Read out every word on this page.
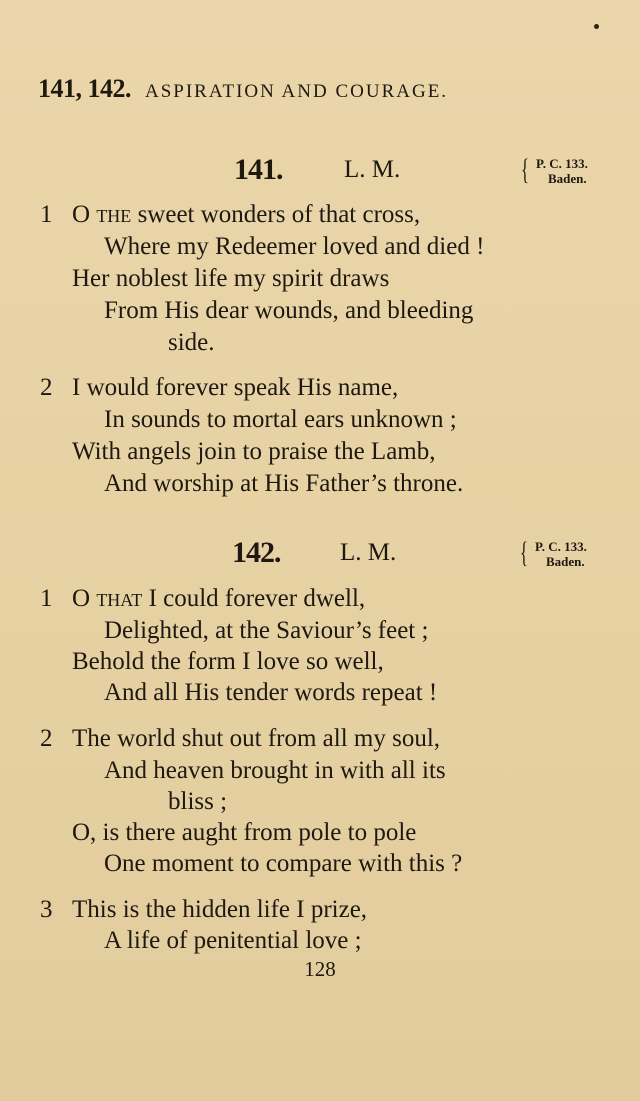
141, 142. ASPIRATION AND COURAGE.
141. L. M.	{ P. C. 133.
Baden.
1 O the sweet wonders of that cross,
Where my Redeemer loved and died !
Her noblest life my spirit draws
From His dear wounds, and bleeding
side.
2 I would forever speak His name,
In sounds to mortal ears unknown ;
With angels join to praise the Lamb,
And worship at His Father’s throne.
142. L. M.	{ P. C. 133.
Baden.
1 O that I could forever dwell,
Delighted, at the Saviour’s feet ;
Behold the form I love so well,
And all His tender words repeat !
2 The world shut out from all my soul,
And heaven brought in with all its
bliss ;
O, is there aught from pole to pole
One moment to compare with this ?
3 This is the hidden life I prize,
A life of penitential love ;
128
